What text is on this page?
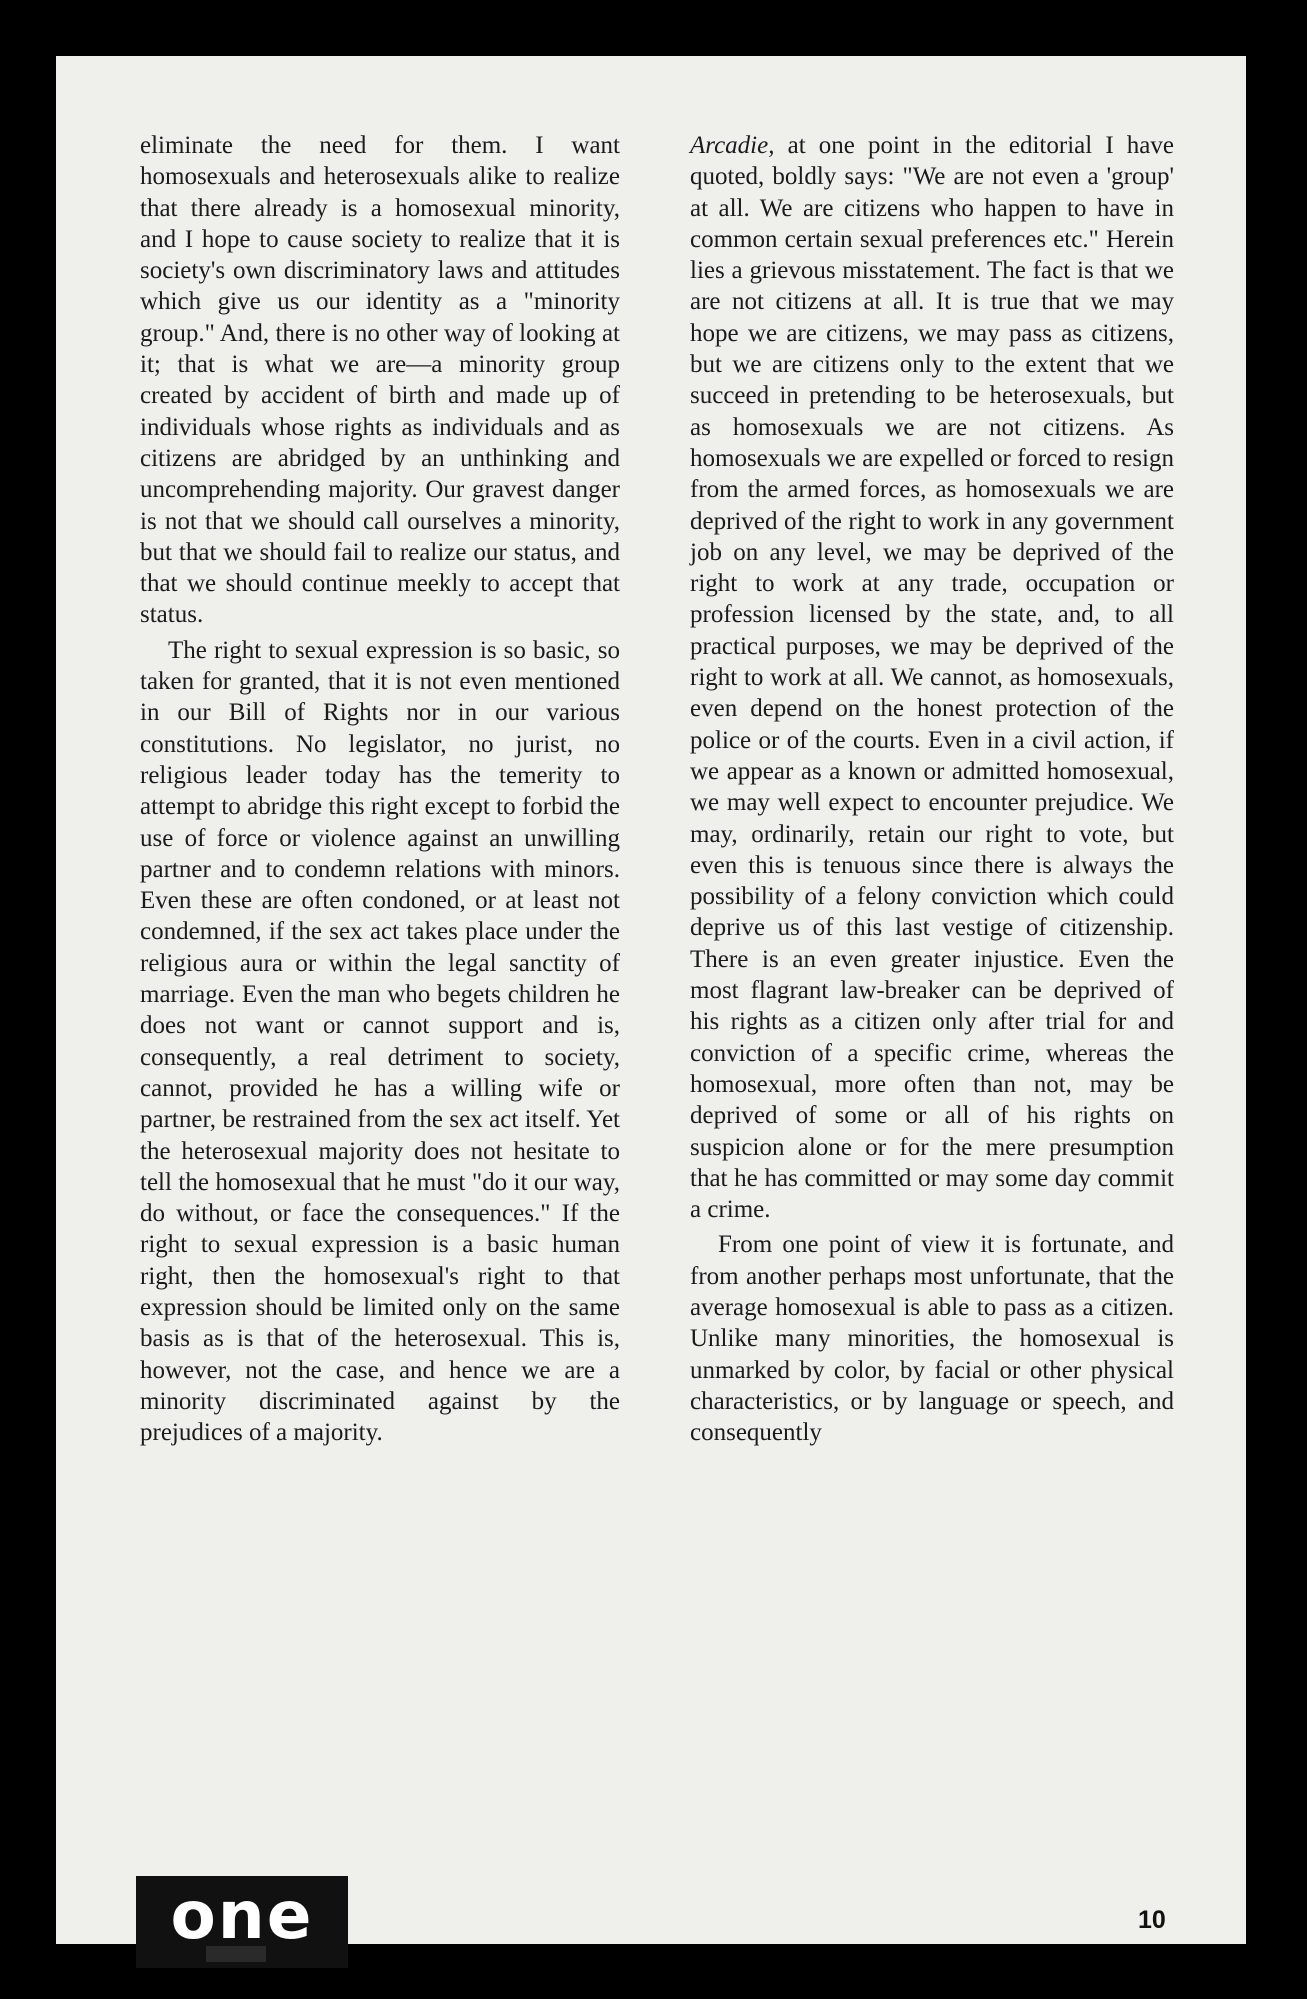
eliminate the need for them. I want homosexuals and heterosexuals alike to realize that there already is a homosexual minority, and I hope to cause society to realize that it is society's own discriminatory laws and attitudes which give us our identity as a "minority group." And, there is no other way of looking at it; that is what we are—a minority group created by accident of birth and made up of individuals whose rights as individuals and as citizens are abridged by an unthinking and uncomprehending majority. Our gravest danger is not that we should call ourselves a minority, but that we should fail to realize our status, and that we should continue meekly to accept that status.

The right to sexual expression is so basic, so taken for granted, that it is not even mentioned in our Bill of Rights nor in our various constitutions. No legislator, no jurist, no religious leader today has the temerity to attempt to abridge this right except to forbid the use of force or violence against an unwilling partner and to condemn relations with minors. Even these are often condoned, or at least not condemned, if the sex act takes place under the religious aura or within the legal sanctity of marriage. Even the man who begets children he does not want or cannot support and is, consequently, a real detriment to society, cannot, provided he has a willing wife or partner, be restrained from the sex act itself. Yet the heterosexual majority does not hesitate to tell the homosexual that he must "do it our way, do without, or face the consequences." If the right to sexual expression is a basic human right, then the homosexual's right to that expression should be limited only on the same basis as is that of the heterosexual. This is, however, not the case, and hence we are a minority discriminated against by the prejudices of a majority.

Arcadie, at one point in the editorial I have quoted, boldly says: "We are not even a 'group' at all. We are citizens who happen to have in common certain sexual preferences etc." Herein lies a grievous misstatement. The fact is that we are not citizens at all. It is true that we may hope we are citizens, we may pass as citizens, but we are citizens only to the extent that we succeed in pretending to be heterosexuals, but as homosexuals we are not citizens. As homosexuals we are expelled or forced to resign from the armed forces, as homosexuals we are deprived of the right to work in any government job on any level, we may be deprived of the right to work at any trade, occupation or profession licensed by the state, and, to all practical purposes, we may be deprived of the right to work at all. We cannot, as homosexuals, even depend on the honest protection of the police or of the courts. Even in a civil action, if we appear as a known or admitted homosexual, we may well expect to encounter prejudice. We may, ordinarily, retain our right to vote, but even this is tenuous since there is always the possibility of a felony conviction which could deprive us of this last vestige of citizenship. There is an even greater injustice. Even the most flagrant law-breaker can be deprived of his rights as a citizen only after trial for and conviction of a specific crime, whereas the homosexual, more often than not, may be deprived of some or all of his rights on suspicion alone or for the mere presumption that he has committed or may some day commit a crime.

From one point of view it is fortunate, and from another perhaps most unfortunate, that the average homosexual is able to pass as a citizen. Unlike many minorities, the homosexual is unmarked by color, by facial or other physical characteristics, or by language or speech, and consequently

one	10
